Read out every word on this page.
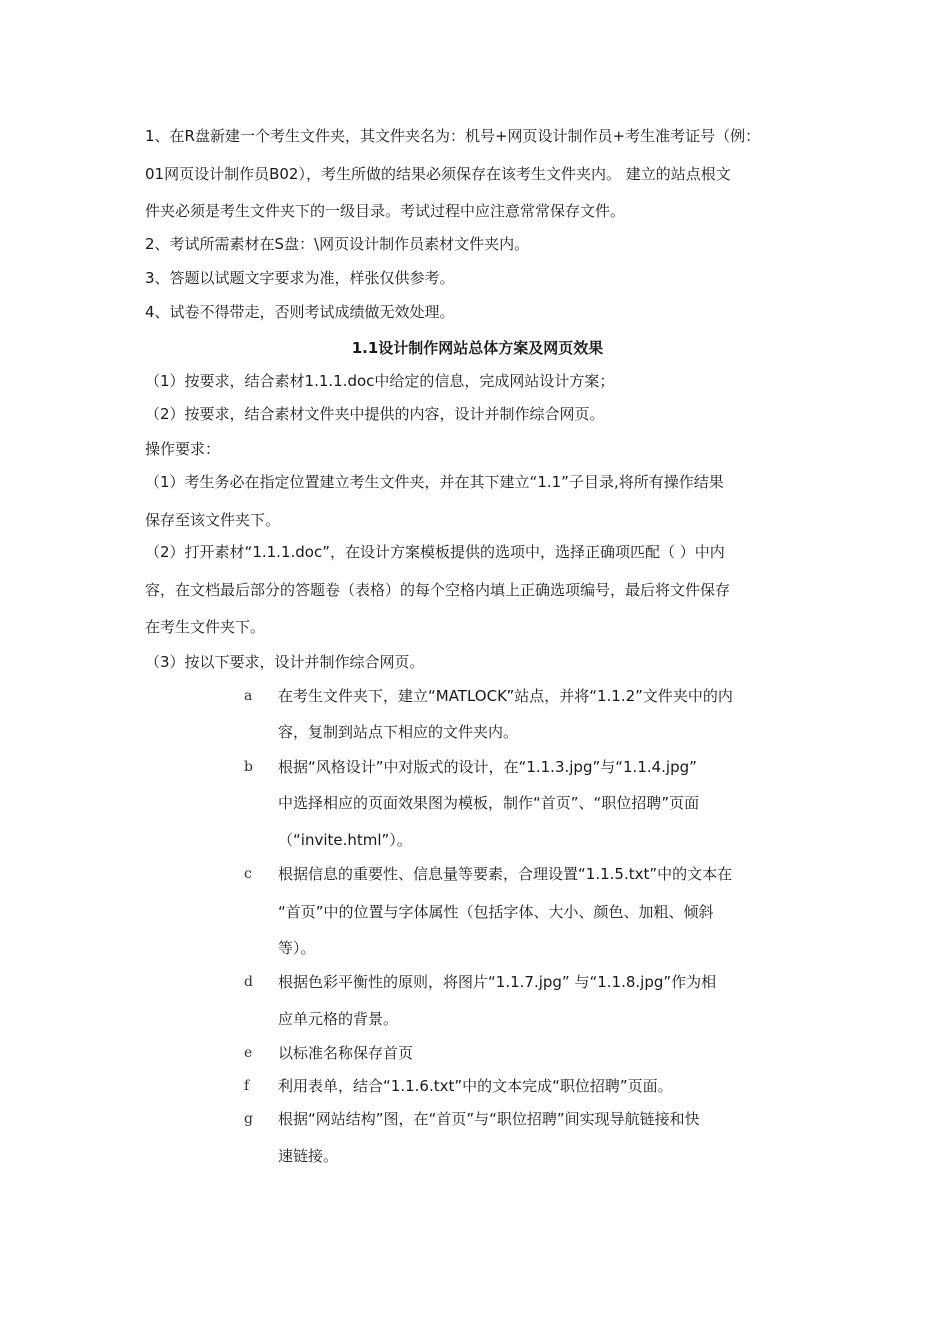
1、在R盘新建一个考生文件夹，其文件夹名为：机号+网页设计制作员+考生准考证号（例：
01网页设计制作员B02），考生所做的结果必须保存在该考生文件夹内。 建立的站点根文
件夹必须是考生文件夹下的一级目录。考试过程中应注意常常保存文件。
2、考试所需素材在S盘：\网页设计制作员素材文件夹内。
3、答题以试题文字要求为准，样张仅供参考。
4、试卷不得带走，否则考试成绩做无效处理。
1.1设计制作网站总体方案及网页效果
（1）按要求，结合素材1.1.1.doc中给定的信息，完成网站设计方案；
（2）按要求，结合素材文件夹中提供的内容，设计并制作综合网页。
操作要求：
（1）考生务必在指定位置建立考生文件夹，并在其下建立“1.1”子目录,将所有操作结果
保存至该文件夹下。
（2）打开素材“1.1.1.doc”，在设计方案模板提供的选项中，选择正确项匹配（ ）中内
容，在文档最后部分的答题卷（表格）的每个空格内填上正确选项编号，最后将文件保存
在考生文件夹下。
（3）按以下要求，设计并制作综合网页。
a 在考生文件夹下，建立“MATLOCK”站点，并将“1.1.2”文件夹中的内
容，复制到站点下相应的文件夹内。
b 根据“风格设计”中对版式的设计，在“1.1.3.jpg”与“1.1.4.jpg”
中选择相应的页面效果图为模板，制作“首页”、“职位招聘”页面
（“invite.html”）。
c 根据信息的重要性、信息量等要素，合理设置“1.1.5.txt”中的文本在
“首页”中的位置与字体属性（包括字体、大小、颜色、加粗、倾斜
等）。
d 根据色彩平衡性的原则，将图片“1.1.7.jpg” 与“1.1.8.jpg”作为相
应单元格的背景。
e 以标准名称保存首页
f 利用表单，结合“1.1.6.txt”中的文本完成“职位招聘”页面。
g 根据“网站结构”图，在“首页”与“职位招聘”间实现导航链接和快
速链接。
